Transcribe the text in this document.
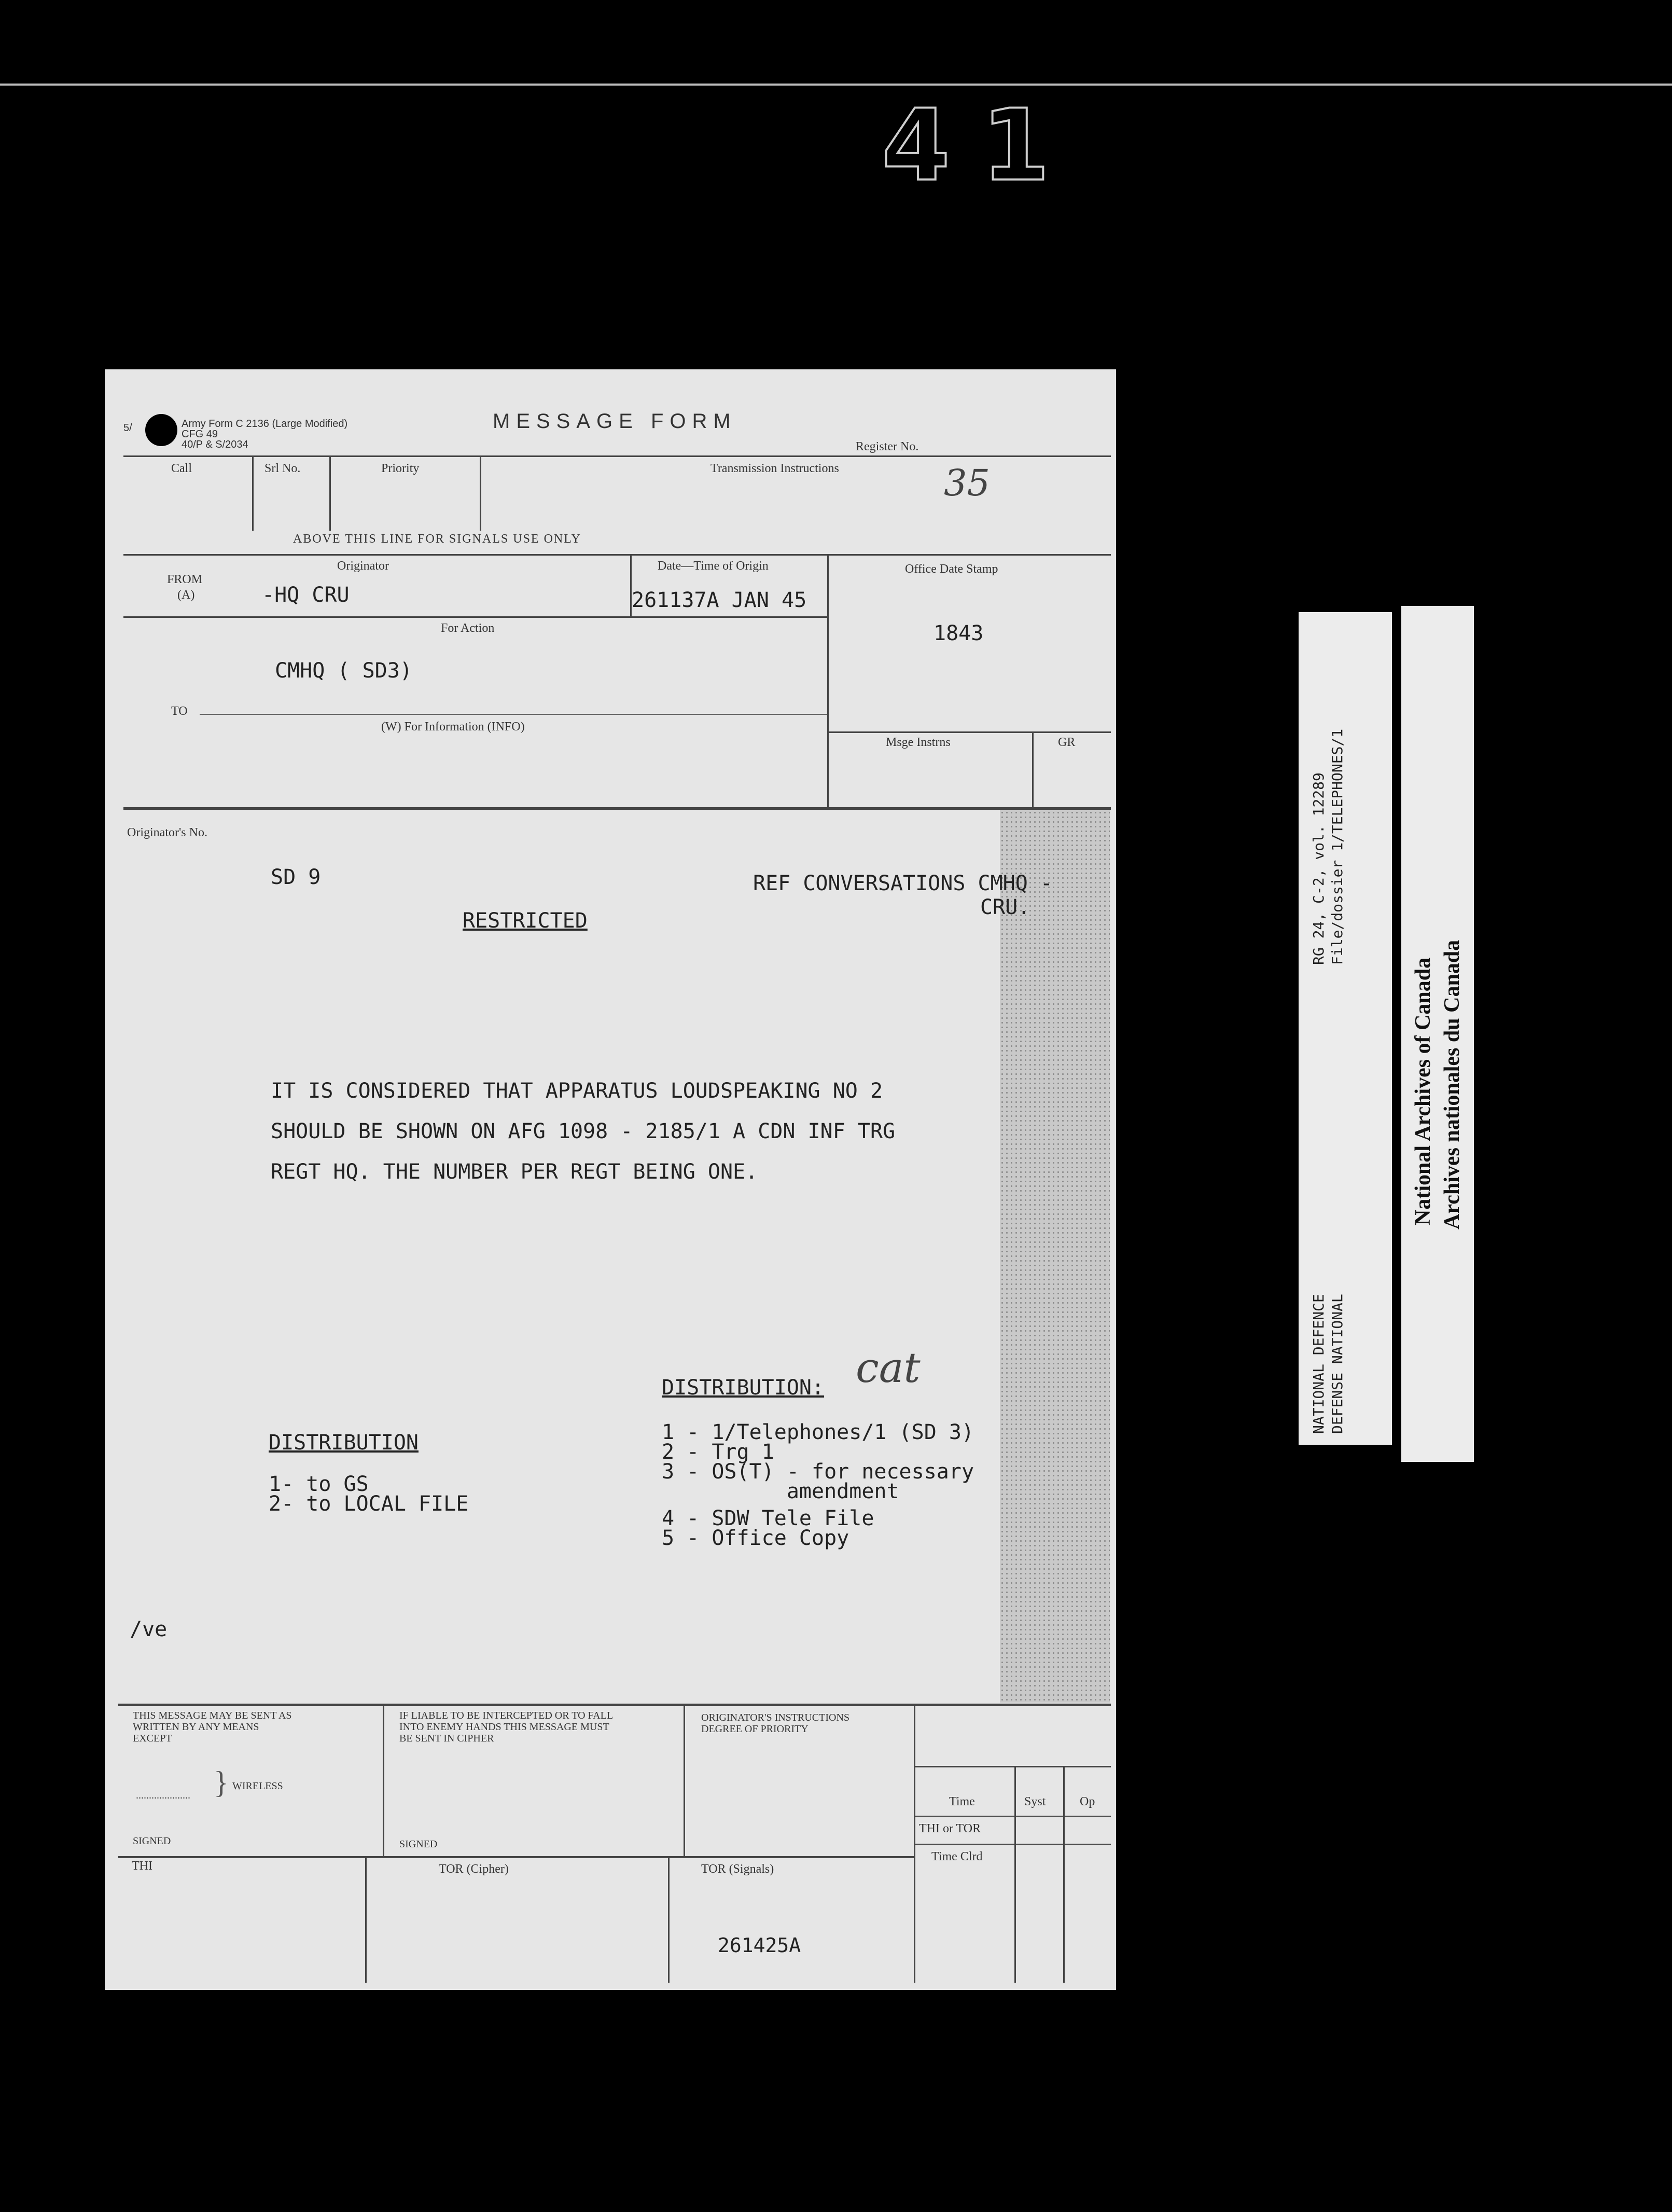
41
5/	Army Form C 2136 (Large Modified)
CFG 49
40/P & S/2034
MESSAGE FORM
Register No.
Call	Srl No.	Priority	Transmission Instructions	35
ABOVE THIS LINE FOR SIGNALS USE ONLY
Originator
FROM
(A)	-HQ CRU
Date—Time of Origin
261137A JAN 45
Office Date Stamp
1843
For Action
CMHQ ( SD3)
TO
(W) For Information (INFO)
Msge Instrns	GR
Originator's No.
SD 9	REF CONVERSATIONS CMHQ -
CRU.
RESTRICTED
IT IS CONSIDERED THAT APPARATUS LOUDSPEAKING NO 2
SHOULD BE SHOWN ON AFG 1098 - 2185/1 A CDN INF TRG
REGT HQ. THE NUMBER PER REGT BEING ONE.
DISTRIBUTION: cat
1 - 1/Telephones/1 (SD 3)
2 - Trg 1
3 - OS(T) - for necessary
amendment
4 - SDW Tele File
5 - Office Copy
DISTRIBUTION
1- to GS
2- to LOCAL FILE
/ve
THIS MESSAGE MAY BE SENT AS
WRITTEN BY ANY MEANS
EXCEPT
..................... } WIRELESS
SIGNED
IF LIABLE TO BE INTERCEPTED OR TO FALL
INTO ENEMY HANDS THIS MESSAGE MUST
BE SENT IN CIPHER
SIGNED
ORIGINATOR'S INSTRUCTIONS
DEGREE OF PRIORITY
Time	Syst	Op
THI or TOR
Time Clrd
THI	TOR (Cipher)	TOR (Signals)
261425A
RG 24, C-2, vol. 12289 File/dossier 1/TELEPHONES/1
NATIONAL DEFENCE DEFENSE NATIONAL
National Archives of Canada Archives nationales du Canada
